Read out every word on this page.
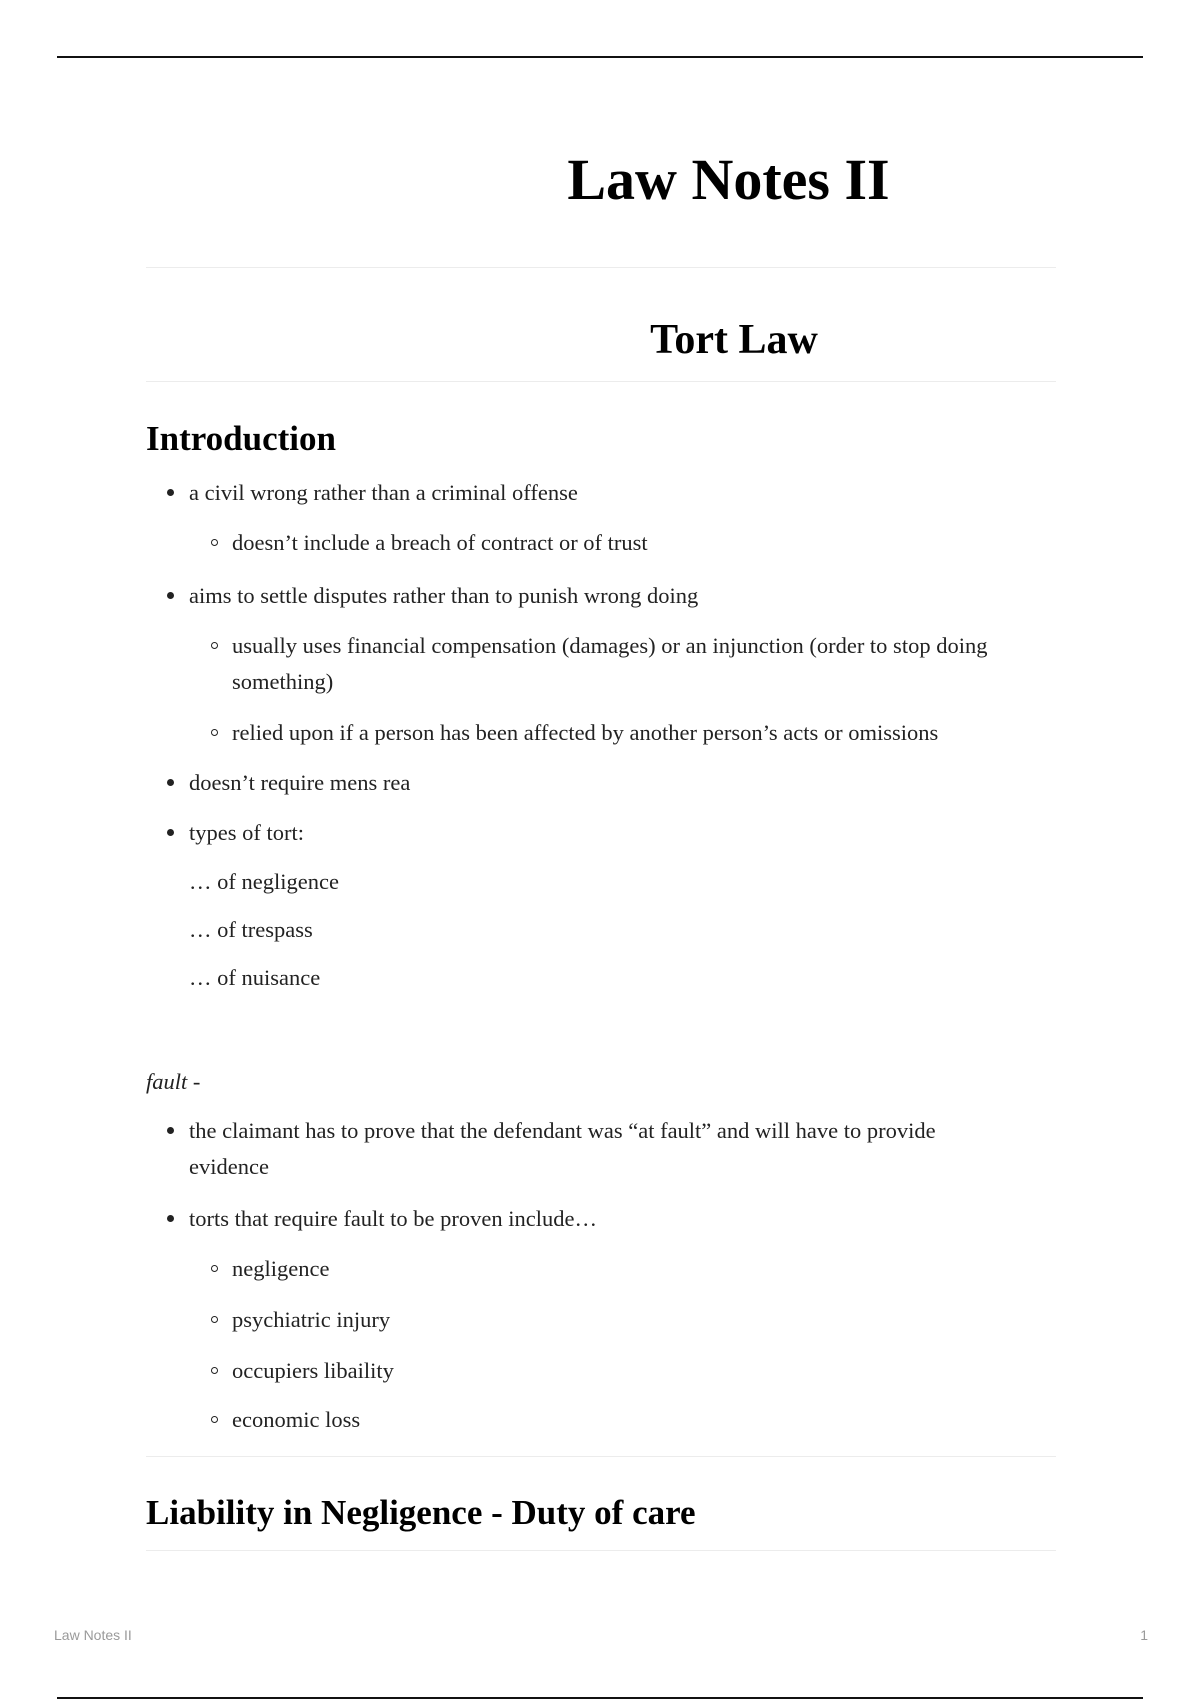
Law Notes II
Tort Law
Introduction
a civil wrong rather than a criminal offense
doesn’t include a breach of contract or of trust
aims to settle disputes rather than to punish wrong doing
usually uses financial compensation (damages) or an injunction (order to stop doing something)
relied upon if a person has been affected by another person’s acts or omissions
doesn’t require mens rea
types of tort:
… of negligence
… of trespass
… of nuisance
fault -
the claimant has to prove that the defendant was “at fault” and will have to provide evidence
torts that require fault to be proven include…
negligence
psychiatric injury
occupiers libaility
economic loss
Liability in Negligence - Duty of care
Law Notes II	1
